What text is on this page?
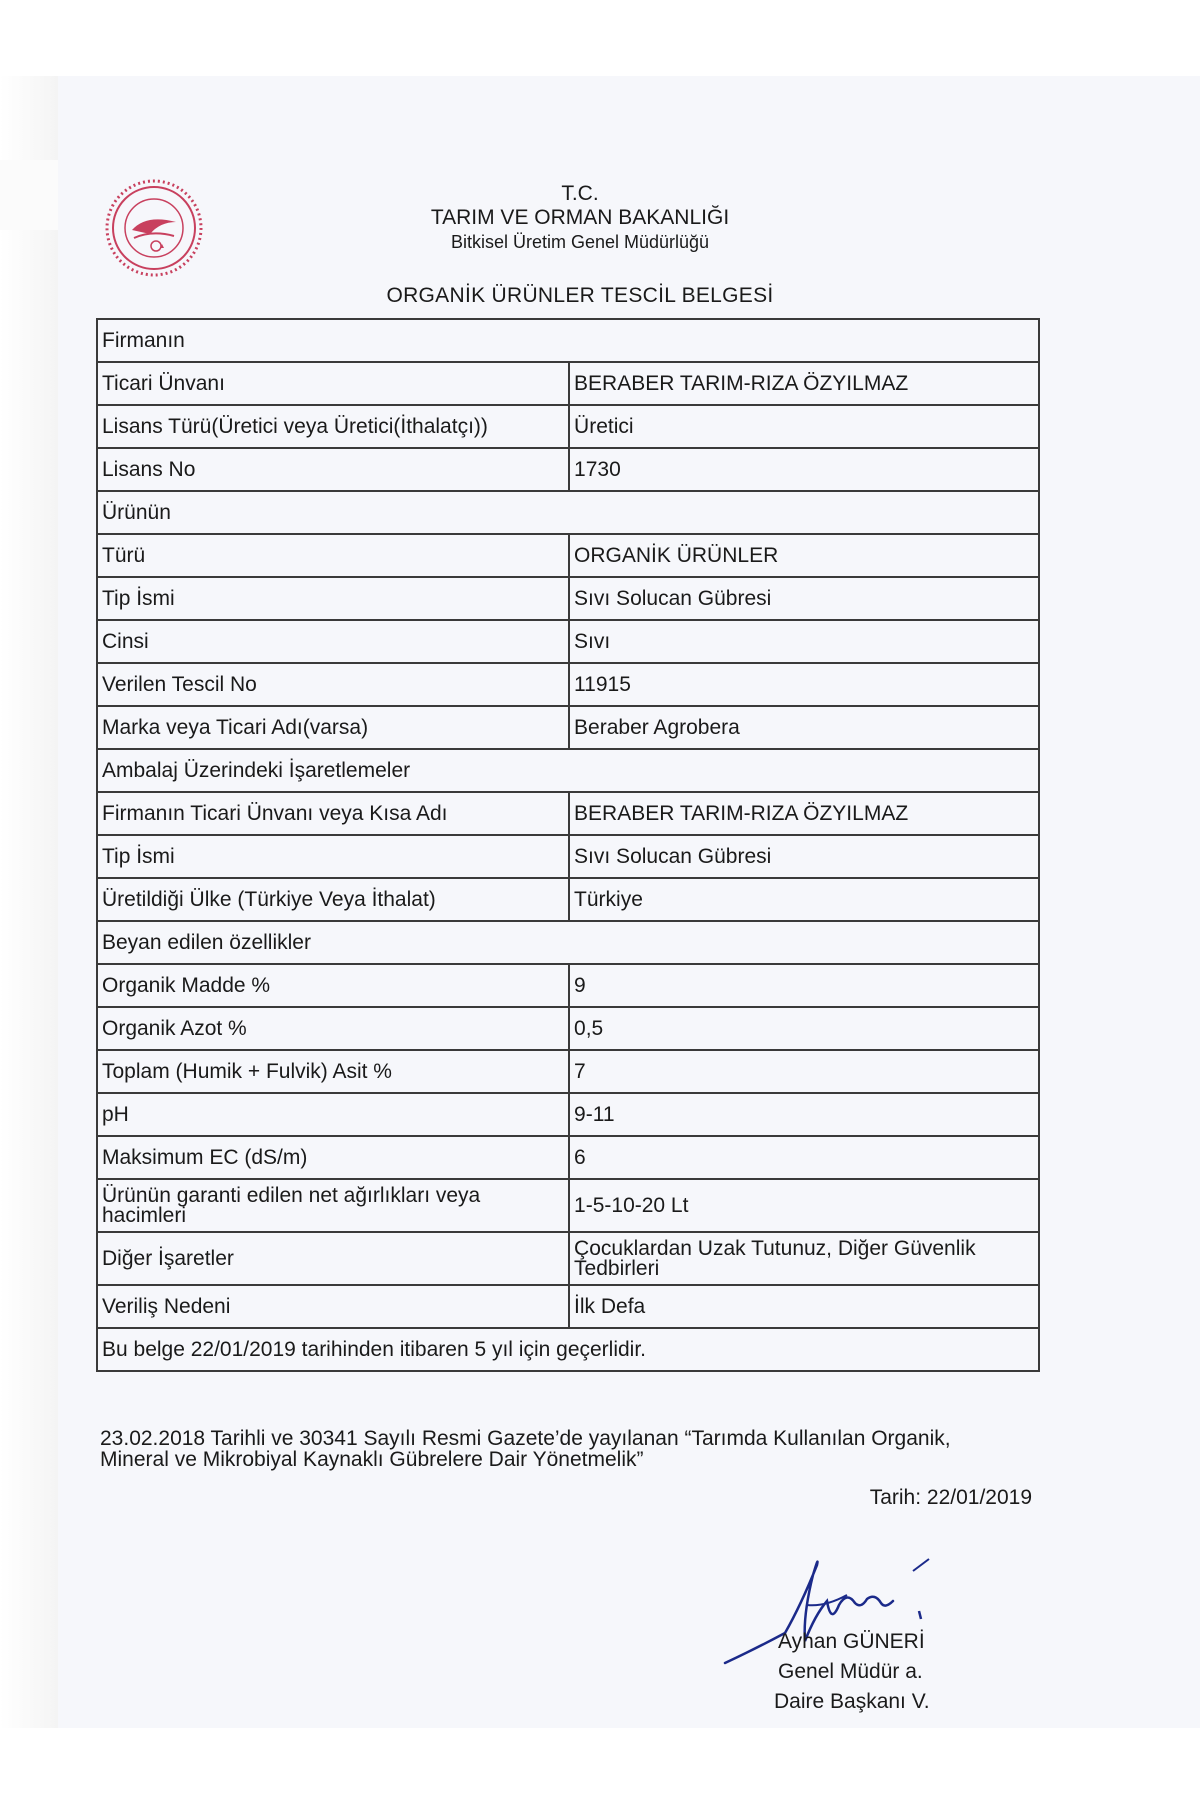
T.C.
TARIM VE ORMAN BAKANLIĞI
Bitkisel Üretim Genel Müdürlüğü
ORGANİK ÜRÜNLER TESCİL BELGESİ
Firmanın	
Ticari Ünvanı	BERABER TARIM-RIZA ÖZYILMAZ
Lisans Türü(Üretici veya Üretici(İthalatçı))	Üretici
Lisans No	1730
Ürünün	
Türü	ORGANİK ÜRÜNLER
Tip İsmi	Sıvı Solucan Gübresi
Cinsi	Sıvı
Verilen Tescil No	11915
Marka veya Ticari Adı(varsa)	Beraber Agrobera
Ambalaj Üzerindeki İşaretlemeler	
Firmanın Ticari Ünvanı veya Kısa Adı	BERABER TARIM-RIZA ÖZYILMAZ
Tip İsmi	Sıvı Solucan Gübresi
Üretildiği Ülke (Türkiye Veya İthalat)	Türkiye
Beyan edilen özellikler	
Organik Madde %	9
Organik Azot %	0,5
Toplam (Humik + Fulvik) Asit %	7
pH	9-11
Maksimum EC (dS/m)	6
Ürünün garanti edilen net ağırlıkları veya hacimleri	1-5-10-20 Lt
Diğer İşaretler	Çocuklardan Uzak Tutunuz, Diğer Güvenlik Tedbirleri
Veriliş Nedeni	İlk Defa
Bu belge 22/01/2019 tarihinden itibaren 5 yıl için geçerlidir.	
23.02.2018 Tarihli ve 30341 Sayılı Resmi Gazete’de yayılanan “Tarımda Kullanılan Organik, Mineral ve Mikrobiyal Kaynaklı Gübrelere Dair Yönetmelik”
Tarih: 22/01/2019
Ayhan GÜNERİ
Genel Müdür a.
Daire Başkanı V.
